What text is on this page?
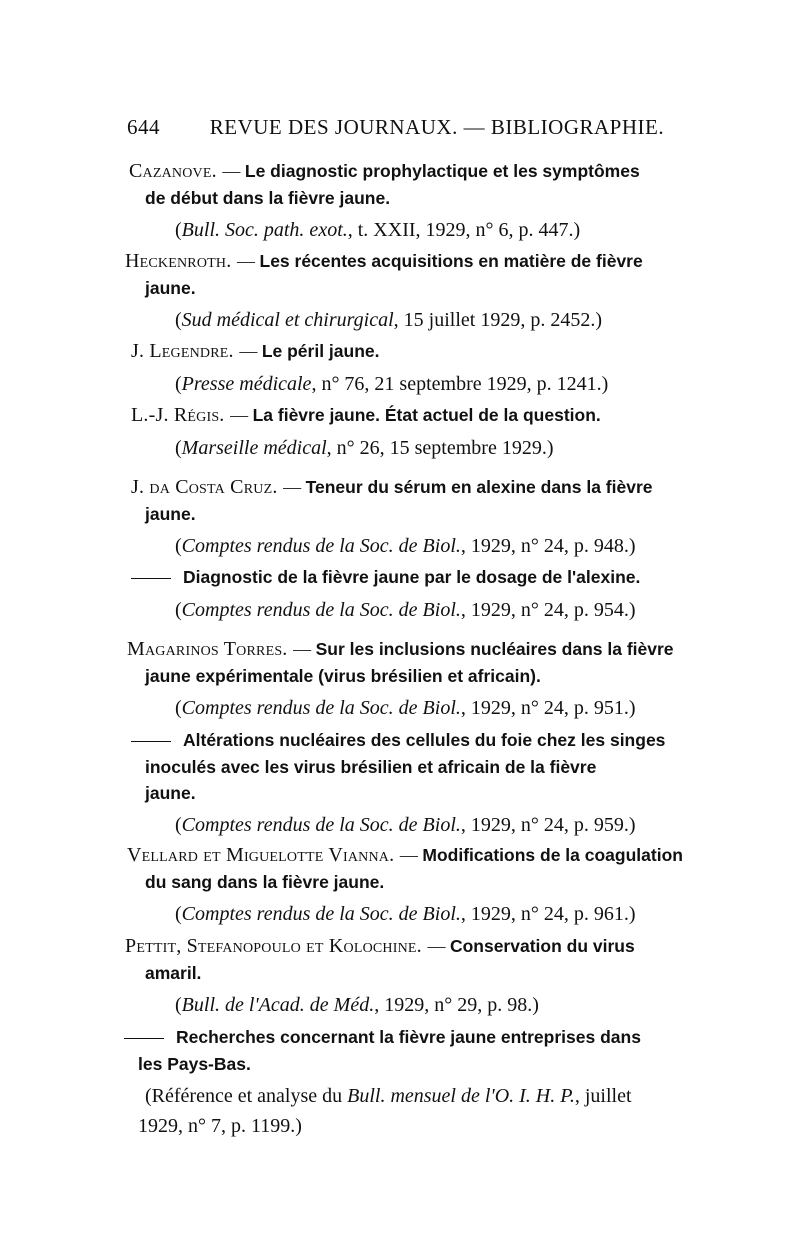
644 REVUE DES JOURNAUX. — BIBLIOGRAPHIE.
Cazanove. — Le diagnostic prophylactique et les symptômes
de début dans la fièvre jaune.
(Bull. Soc. path. exot., t. XXII, 1929, n° 6, p. 447.)
Heckenroth. — Les récentes acquisitions en matière de fièvre
jaune.
(Sud médical et chirurgical, 15 juillet 1929, p. 2452.)
J. Legendre. — Le péril jaune.
(Presse médicale, n° 76, 21 septembre 1929, p. 1241.)
L.-J. Régis. — La fièvre jaune. État actuel de la question.
(Marseille médical, n° 26, 15 septembre 1929.)
J. da Costa Cruz. — Teneur du sérum en alexine dans la fièvre
jaune.
(Comptes rendus de la Soc. de Biol., 1929, n° 24, p. 948.)
Diagnostic de la fièvre jaune par le dosage de l'alexine.
(Comptes rendus de la Soc. de Biol., 1929, n° 24, p. 954.)
Magarinos Torres. — Sur les inclusions nucléaires dans la fièvre
jaune expérimentale (virus brésilien et africain).
(Comptes rendus de la Soc. de Biol., 1929, n° 24, p. 951.)
Altérations nucléaires des cellules du foie chez les singes
inoculés avec les virus brésilien et africain de la fièvre
jaune.
(Comptes rendus de la Soc. de Biol., 1929, n° 24, p. 959.)
Vellard et Miguelotte Vianna. — Modifications de la coagulation
du sang dans la fièvre jaune.
(Comptes rendus de la Soc. de Biol., 1929, n° 24, p. 961.)
Pettit, Stefanopoulo et Kolochine. — Conservation du virus
amaril.
(Bull. de l'Acad. de Méd., 1929, n° 29, p. 98.)
Recherches concernant la fièvre jaune entreprises dans
les Pays-Bas.
(Référence et analyse du Bull. mensuel de l'O. I. H. P., juillet
1929, n° 7, p. 1199.)
